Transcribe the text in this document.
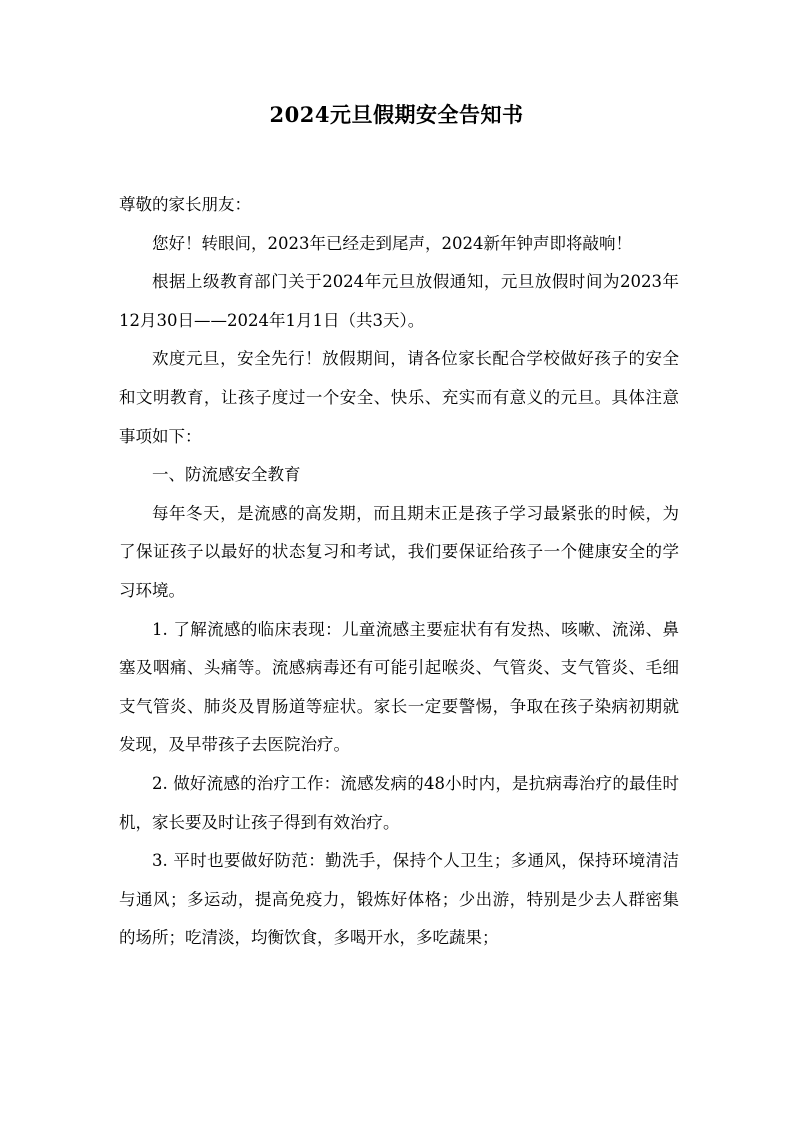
2024元旦假期安全告知书

尊敬的家长朋友：

您好！转眼间，2023年已经走到尾声，2024新年钟声即将敲响！

根据上级教育部门关于2024年元旦放假通知，元旦放假时间为2023年12月30日——2024年1月1日（共3天）。

欢度元旦，安全先行！放假期间，请各位家长配合学校做好孩子的安全和文明教育，让孩子度过一个安全、快乐、充实而有意义的元旦。具体注意事项如下：

一、防流感安全教育

每年冬天，是流感的高发期，而且期末正是孩子学习最紧张的时候，为了保证孩子以最好的状态复习和考试，我们要保证给孩子一个健康安全的学习环境。

1. 了解流感的临床表现：儿童流感主要症状有有发热、咳嗽、流涕、鼻塞及咽痛、头痛等。流感病毒还有可能引起喉炎、气管炎、支气管炎、毛细支气管炎、肺炎及胃肠道等症状。家长一定要警惕，争取在孩子染病初期就发现，及早带孩子去医院治疗。

2. 做好流感的治疗工作：流感发病的48小时内，是抗病毒治疗的最佳时机，家长要及时让孩子得到有效治疗。

3. 平时也要做好防范：勤洗手，保持个人卫生；多通风，保持环境清洁与通风；多运动，提高免疫力，锻炼好体格；少出游，特别是少去人群密集的场所；吃清淡，均衡饮食，多喝开水，多吃蔬果；
